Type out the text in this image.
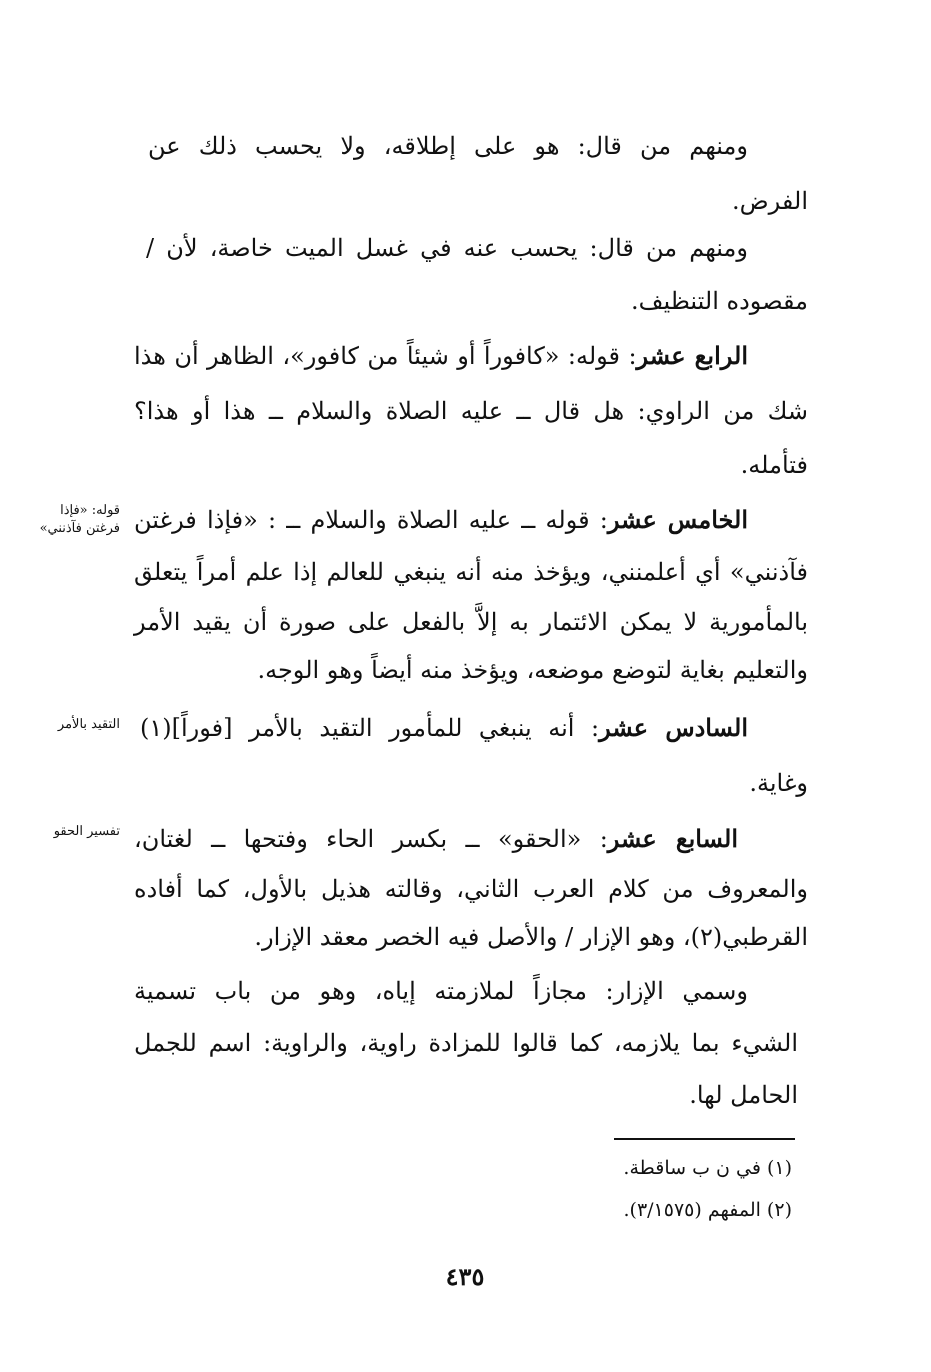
ومنهم من قال: هو على إطلاقه، ولا يحسب ذلك عن
الفرض.
ومنهم من قال: يحسب عنه في غسل الميت خاصة، لأن /
مقصوده التنظيف.
الرابع عشر: قوله: «كافوراً أو شيئاً من كافور»، الظاهر أن هذا
شك من الراوي: هل قال ــ عليه الصلاة والسلام ــ هذا أو هذا؟
فتأمله.
الخامس عشر: قوله ــ عليه الصلاة والسلام ــ : «فإذا فرغتن
فآذنني» أي أعلمنني، ويؤخذ منه أنه ينبغي للعالم إذا علم أمراً يتعلق
بالمأمورية لا يمكن الائتمار به إلاَّ بالفعل على صورة أن يقيد الأمر
والتعليم بغاية لتوضع موضعه، ويؤخذ منه أيضاً وهو الوجه.
السادس عشر: أنه ينبغي للمأمور التقيد بالأمر [فوراً](١)
وغاية.
السابع عشر: «الحقو» ــ بكسر الحاء وفتحها ــ لغتان،
والمعروف من كلام العرب الثاني، وقالته هذيل بالأول، كما أفاده
القرطبي(٢)، وهو الإزار / والأصل فيه الخصر معقد الإزار.
وسمي الإزار: مجازاً لملازمته إياه، وهو من باب تسمية
الشيء بما يلازمه، كما قالوا للمزادة راوية، والراوية: اسم للجمل
الحامل لها.
قوله: «فإذا
فرغتن فآذنني»
التقيد بالأمر
تفسير الحقو
(١) في ن ب ساقطة.
(٢) المفهم (٣/١٥٧٥).
٤٣٥
